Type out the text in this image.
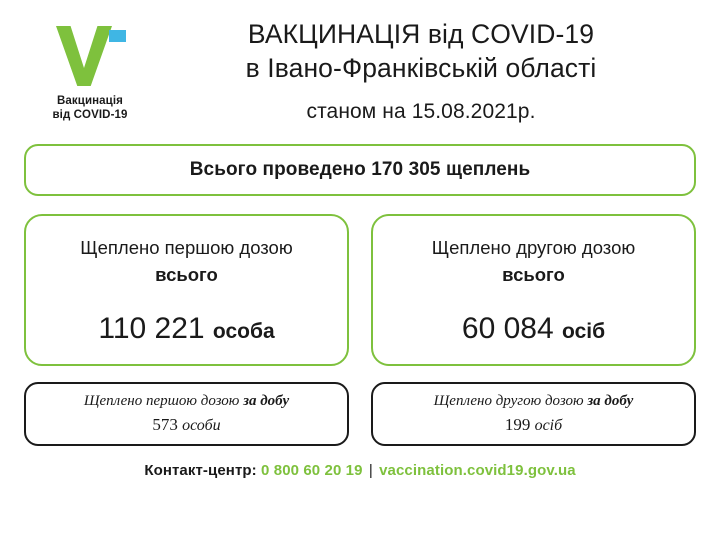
Вакцинація
від COVID-19
ВАКЦИНАЦІЯ від COVID-19
в Івано-Франківській області
станом на 15.08.2021р.
Всього проведено 170 305 щеплень
Щеплено першою дозою
всього
110 221 особа
Щеплено другою дозою
всього
60 084 осіб
Щеплено першою дозою за добу
573 особи
Щеплено другою дозою за добу
199 осіб
Контакт-центр: 0 800 60 20 19 | vaccination.covid19.gov.ua
